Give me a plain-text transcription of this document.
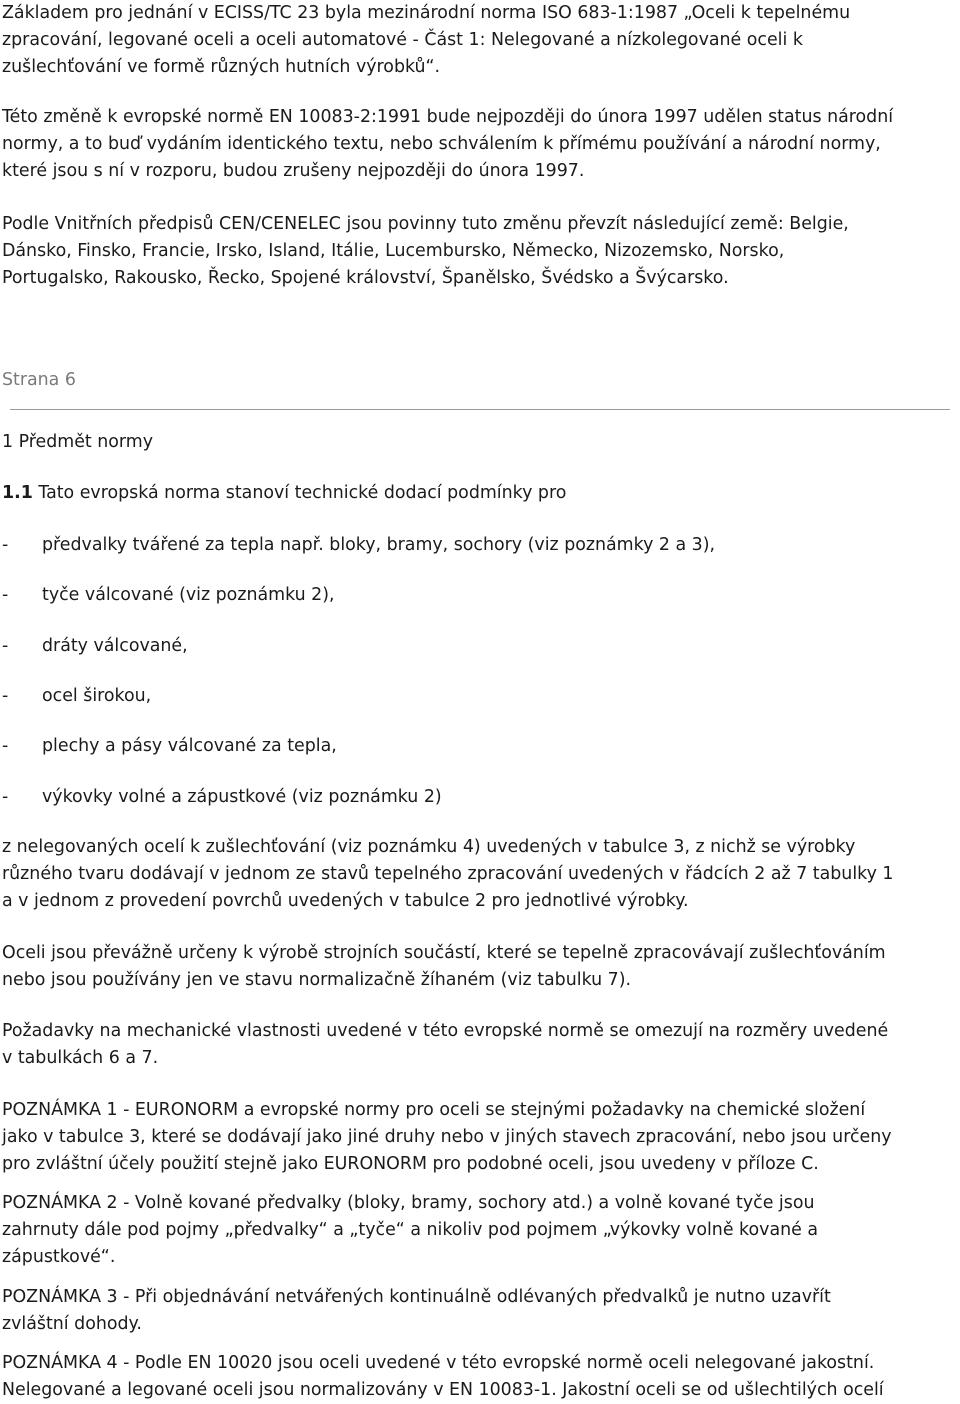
Základem pro jednání v ECISS/TC 23 byla mezinárodní norma ISO 683-1:1987 „Oceli k tepelnému
zpracování, legované oceli a oceli automatové - Část 1: Nelegované a nízkolegované oceli k
zušlechťování ve formě různých hutních výrobků“.
Této změně k evropské normě EN 10083-2:1991 bude nejpozději do února 1997 udělen status národní
normy, a to buď vydáním identického textu, nebo schválením k přímému používání a národní normy,
které jsou s ní v rozporu, budou zrušeny nejpozději do února 1997.
Podle Vnitřních předpisů CEN/CENELEC jsou povinny tuto změnu převzít následující země: Belgie,
Dánsko, Finsko, Francie, Irsko, Island, Itálie, Lucembursko, Německo, Nizozemsko, Norsko,
Portugalsko, Rakousko, Řecko, Spojené království, Španělsko, Švédsko a Švýcarsko.
Strana 6
1 Předmět normy
1.1 Tato evropská norma stanoví technické dodací podmínky pro
- předvalky tvářené za tepla např. bloky, bramy, sochory (viz poznámky 2 a 3),
- tyče válcované (viz poznámku 2),
- dráty válcované,
- ocel širokou,
- plechy a pásy válcované za tepla,
- výkovky volné a zápustkové (viz poznámku 2)
z nelegovaných ocelí k zušlechťování (viz poznámku 4) uvedených v tabulce 3, z nichž se výrobky
různého tvaru dodávají v jednom ze stavů tepelného zpracování uvedených v řádcích 2 až 7 tabulky 1
a v jednom z provedení povrchů uvedených v tabulce 2 pro jednotlivé výrobky.
Oceli jsou převážně určeny k výrobě strojních součástí, které se tepelně zpracovávají zušlechťováním
nebo jsou používány jen ve stavu normalizačně žíhaném (viz tabulku 7).
Požadavky na mechanické vlastnosti uvedené v této evropské normě se omezují na rozměry uvedené
v tabulkách 6 a 7.
POZNÁMKA 1 - EURONORM a evropské normy pro oceli se stejnými požadavky na chemické složení
jako v tabulce 3, které se dodávají jako jiné druhy nebo v jiných stavech zpracování, nebo jsou určeny
pro zvláštní účely použití stejně jako EURONORM pro podobné oceli, jsou uvedeny v příloze C.
POZNÁMKA 2 - Volně kované předvalky (bloky, bramy, sochory atd.) a volně kované tyče jsou
zahrnuty dále pod pojmy „předvalky“ a „tyče“ a nikoliv pod pojmem „výkovky volně kované a
zápustkové“.
POZNÁMKA 3 - Při objednávání netvářených kontinuálně odlévaných předvalků je nutno uzavřít
zvláštní dohody.
POZNÁMKA 4 - Podle EN 10020 jsou oceli uvedené v této evropské normě oceli nelegované jakostní.
Nelegované a legované oceli jsou normalizovány v EN 10083-1. Jakostní oceli se od ušlechtilých ocelí
